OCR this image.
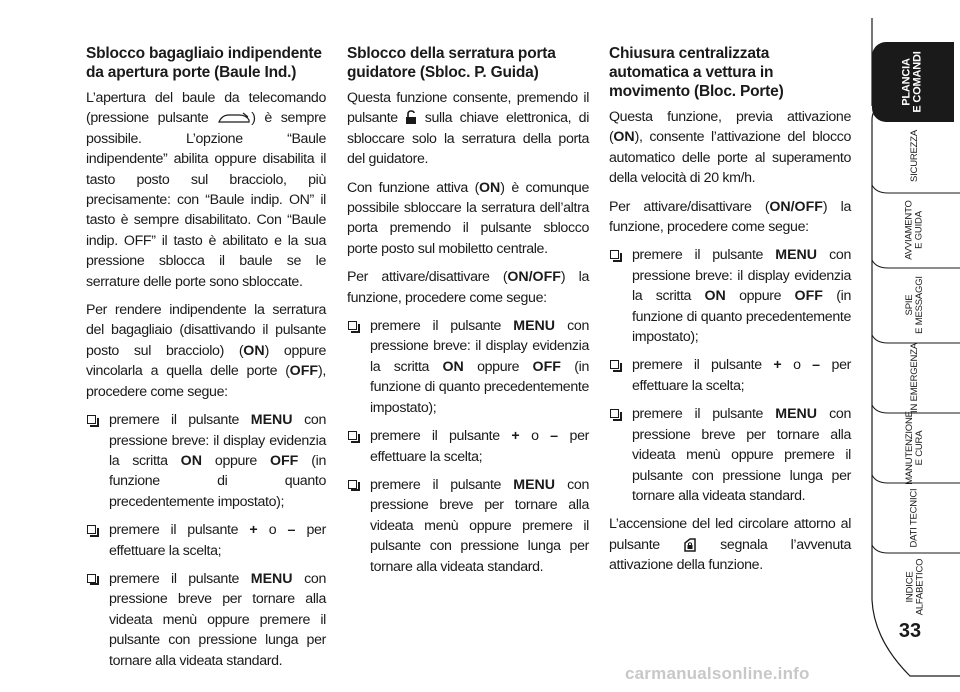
Sblocco bagagliaio indipendente da apertura porte (Baule Ind.)

L’apertura del baule da telecomando (pressione pulsante ) è sempre possibile. L’opzione “Baule indipendente” abilita oppure disabilita il tasto posto sul bracciolo, più precisamente: con “Baule indip. ON” il tasto è sempre disabilitato. Con “Baule indip. OFF” il tasto è abilitato e la sua pressione sblocca il baule se le serrature delle porte sono sbloccate.

Per rendere indipendente la serratura del bagagliaio (disattivando il pulsante posto sul bracciolo) (ON) oppure vincolarla a quella delle porte (OFF), procedere come segue:

premere il pulsante MENU con pressione breve: il display evidenzia la scritta ON oppure OFF (in funzione di quanto precedentemente impostato);
premere il pulsante + o – per effettuare la scelta;
premere il pulsante MENU con pressione breve per tornare alla videata menù oppure premere il pulsante con pressione lunga per tornare alla videata standard.
Sblocco della serratura porta guidatore (Sbloc. P. Guida)

Questa funzione consente, premendo il pulsante  sulla chiave elettronica, di sbloccare solo la serratura della porta del guidatore.

Con funzione attiva (ON) è comunque possibile sbloccare la serratura dell’altra porta premendo il pulsante sblocco porte posto sul mobiletto centrale.

Per attivare/disattivare (ON/OFF) la funzione, procedere come segue:

premere il pulsante MENU con pressione breve: il display evidenzia la scritta ON oppure OFF (in funzione di quanto precedentemente impostato);
premere il pulsante + o – per effettuare la scelta;
premere il pulsante MENU con pressione breve per tornare alla videata menù oppure premere il pulsante con pressione lunga per tornare alla videata standard.
Chiusura centralizzata automatica a vettura in movimento (Bloc. Porte)

Questa funzione, previa attivazione (ON), consente l’attivazione del blocco automatico delle porte al superamento della velocità di 20 km/h.

Per attivare/disattivare (ON/OFF) la funzione, procedere come segue:

premere il pulsante MENU con pressione breve: il display evidenzia la scritta ON oppure OFF (in funzione di quanto precedentemente impostato);
premere il pulsante + o – per effettuare la scelta;
premere il pulsante MENU con pressione breve per tornare alla videata menù oppure premere il pulsante con pressione lunga per tornare alla videata standard.

L’accensione del led circolare attorno al pulsante  segnala l’avvenuta attivazione della funzione.

PLANCIA
E COMANDI
SICUREZZA
AVVIAMENTO
E GUIDA
SPIE
E MESSAGGI
IN EMERGENZA
MANUTENZIONE
E CURA
DATI TECNICI
INDICE
ALFABETICO
33
carmanualsonline.info
